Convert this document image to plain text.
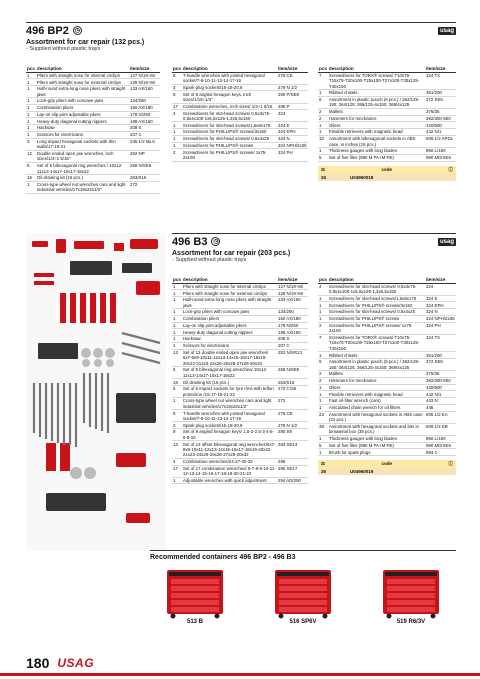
496 BP2 ◷	usag
Assortment for car repair (132 pcs.)
- Supplied without plastic trays
pcs	description	item/size
1	Pliers with straight nose for internal circlips	127 N/19÷60
1	Pliers with straight nose for external circlips	128 N/19÷60
1	Half-round extra-long nose pliers with straight jaws	133 AX/160
1	Lock-grip pliers with concave jaws	134/250
1	Combination pliers	150 AX/180
1	Lay-on slip-joint adjustable pliers	178 N/250
1	Heavy-duty diagonal cutting nippers	188 AX/160
1	Hacksaw	208 S
1	Scissors for electricians	207 C
3	Long impact hexagonal sockets with thin walls/17-19-21	235 1/2 MLS
12	Double ended open jaw wrenches, inch sizes/1/4÷1 5/16"	252 NP
5	Set of 5 bihexagonal ring wrenches / 10x12-11x13-14x17-16x17-18x22	258 N/SE5
16	Oil draining kit (16 pcs.)	263/S16
1	Cross-type wheel nut wrenches cars and light industrial vehicles/17x19x22x1/2"	272
pcs	description	item/size
8	T-handle wrenches with jointed hexagonal socket/7-8-10-11-13-14-17-19	276 CE
3	Spark plug sockets/16-18-20,8	279 N 1/2
8	Set of 8 angled hexagon keys, inch sizes/1/16÷1/4"	280 P/SE8
17	Combination wrenches, inch sizes/ 1/4÷1 5/16	285 P
4	Screwdrivers for slot-head screws/ 0,5x3x75-0,8x4x100-1x5,5x125-1,2x6,5x150	324
1	Screwdrivers for slot-head screws/1,6x8x175	324 E
1	Screwdrivers for PHILLIPS® screws/3x150	324 EPH
1	Screwdrivers for slot-head screws/ 0,8x4x25	324 N
1	Screwdrivers for PHILLIPS® screws	324 NPH/2x35
2	Screwdrivers for PHILLIPS® screws/ 1x75-2x100	324 PH
pcs	description	item/size
7	Screwdrivers for TORX® screws/ T10x75-T15x75-T20x100-T25x100-T27x100-T30x125-T40x150	324 TX
1	Ribbed chisels	351/200
6	Assortment in plastic pouch (6 pcs.) / 362/125-150; 364/125; 366/125-4x150; 368/4x125	372 SE6
2	Mallets	376/35
2	Hammers for mechanics	382/300-500
1	Oilers	420/500
1	Flexible retrievers with magnetic head	442 N/1
10	Assortment with bihexagonal sockets in ABS case, in inches (15 pcs.)	606 1/2 APDL
1	Thickness gauges with long blades	966 L/160
5	Set of five files (990 M PA+M PE)	990 MD/SE5
⚖	code	ⓘ
26	U04960018
496 B3 ◷	usag
Assortment for car repair (203 pcs.)
- Supplied without plastic trays
pcs	description	item/size
1	Pliers with straight nose for internal circlips	127 N/19÷60
1	Pliers with straight nose for external circlips	128 N/19÷60
1	Half-round extra-long nose pliers with straight jaws	133 AX/160
1	Lock-grip pliers with concave jaws	134/250
1	Combination pliers	150 AX/180
1	Lay-on slip-joint adjustable pliers	178 N/250
1	Heavy-duty diagonal cutting nippers	188 AX/160
1	Hacksaw	208 S
1	Scissors for electricians	207 C
13	Set of 13 double ended open jaw wrenches/ 6x7-8x9-10x11-12x13-14x15-16x17-18x19-20x22-21x23-24x26-25x28-27x29-30x32	252 N/SR13
5	Set of 5 bihexagonal ring wrenches/ 10x12-11x13-14x17-16x17-18x22	258 N/SE5
16	Oil draining kit (16 pcs.)	263/S16
5	Set of 5 impact sockets for tyre rims with teflon protection /15-17-19-21-22	270 C/S5
1	Cross-type wheel nut wrenches cars and light industrial vehicles/17x19x22x1/2"	272
8	T-handle wrenches with jointed hexagonal socket/7-8-10-11-13-14-17-19	276 CE
3	Spark plug sockets/16-18-20,8	279 N 1/2
9	Set of 9 angled hexagon keys/ 1,5-2-2,5-3-4-5-6-8-10	280 S9
13	Set of 13 offset bihexagonal ring wrenches/6x7-8x9-10x11-12x13-14x15-16x17-18x19-20x22-21x23-24x26-25x28-27x29-30x32	283 SE13
4	Combination wrenches/24-27-30-32	285
17	Set of 17 combination wrenches/ 6-7-8-9-10-11-12-13-14-15-16-17-18-19-20-21-22	285 SE17
1	Adjustable wrenches with quick adjustment	294 AD/250
pcs	description	item/size
4	Screwdrivers for slot-head screws/ 0,5x3x75-0,8x4x100-1x5,5x125-1,2x6,5x150	324
1	Screwdrivers for slot-head screws/1,6x8x175	324 E
1	Screwdrivers for PHILLIPS® screws/3x150	324 EPH
1	Screwdrivers for slot-head screws/ 0,8x4x25	324 N
1	Screwdrivers for PHILLIPS® screws	324 NPH/2x35
2	Screwdrivers for PHILLIPS® screws/ 1x75-2x100	324 PH
7	Screwdrivers for TORX® screws/ T10x75-T15x75-T20x100-T25x100-T27x100-T30x125-T40x150	324 TX
1	Ribbed chisels	351/200
6	Assortment in plastic pouch (6 pcs.) / 362/125-150; 364/125; 366/125-4x150; 368/4x125	372 SE6
2	Mallets	376/35
2	Hammers for mechanics	382/300-500
1	Oilers	420/500
1	Flexible retrievers with magnetic head	442 N/1
1	Fast oil-filter wrench (cars)	443 N
1	Articulated chain wrench for oil filters	445
23	Assortment with hexagonal sockets in ABS case (23 pcs.)	606 1/2 EA
38	Assortment with hexagonal sockets and bits in bimaterial box (38 pcs.)	609 1/4 EB
1	Thickness gauges with long blades	966 L/160
5	Set of five files (990 M PA+M PE)	990 MD/SE5
1	Brush for spark plugs	993 C
⚖	code	ⓘ
35	U04960019
Recommended containers 496 BP2 - 496 B3
513 B	516 SP6V	519 R6/3V
180 USAG
